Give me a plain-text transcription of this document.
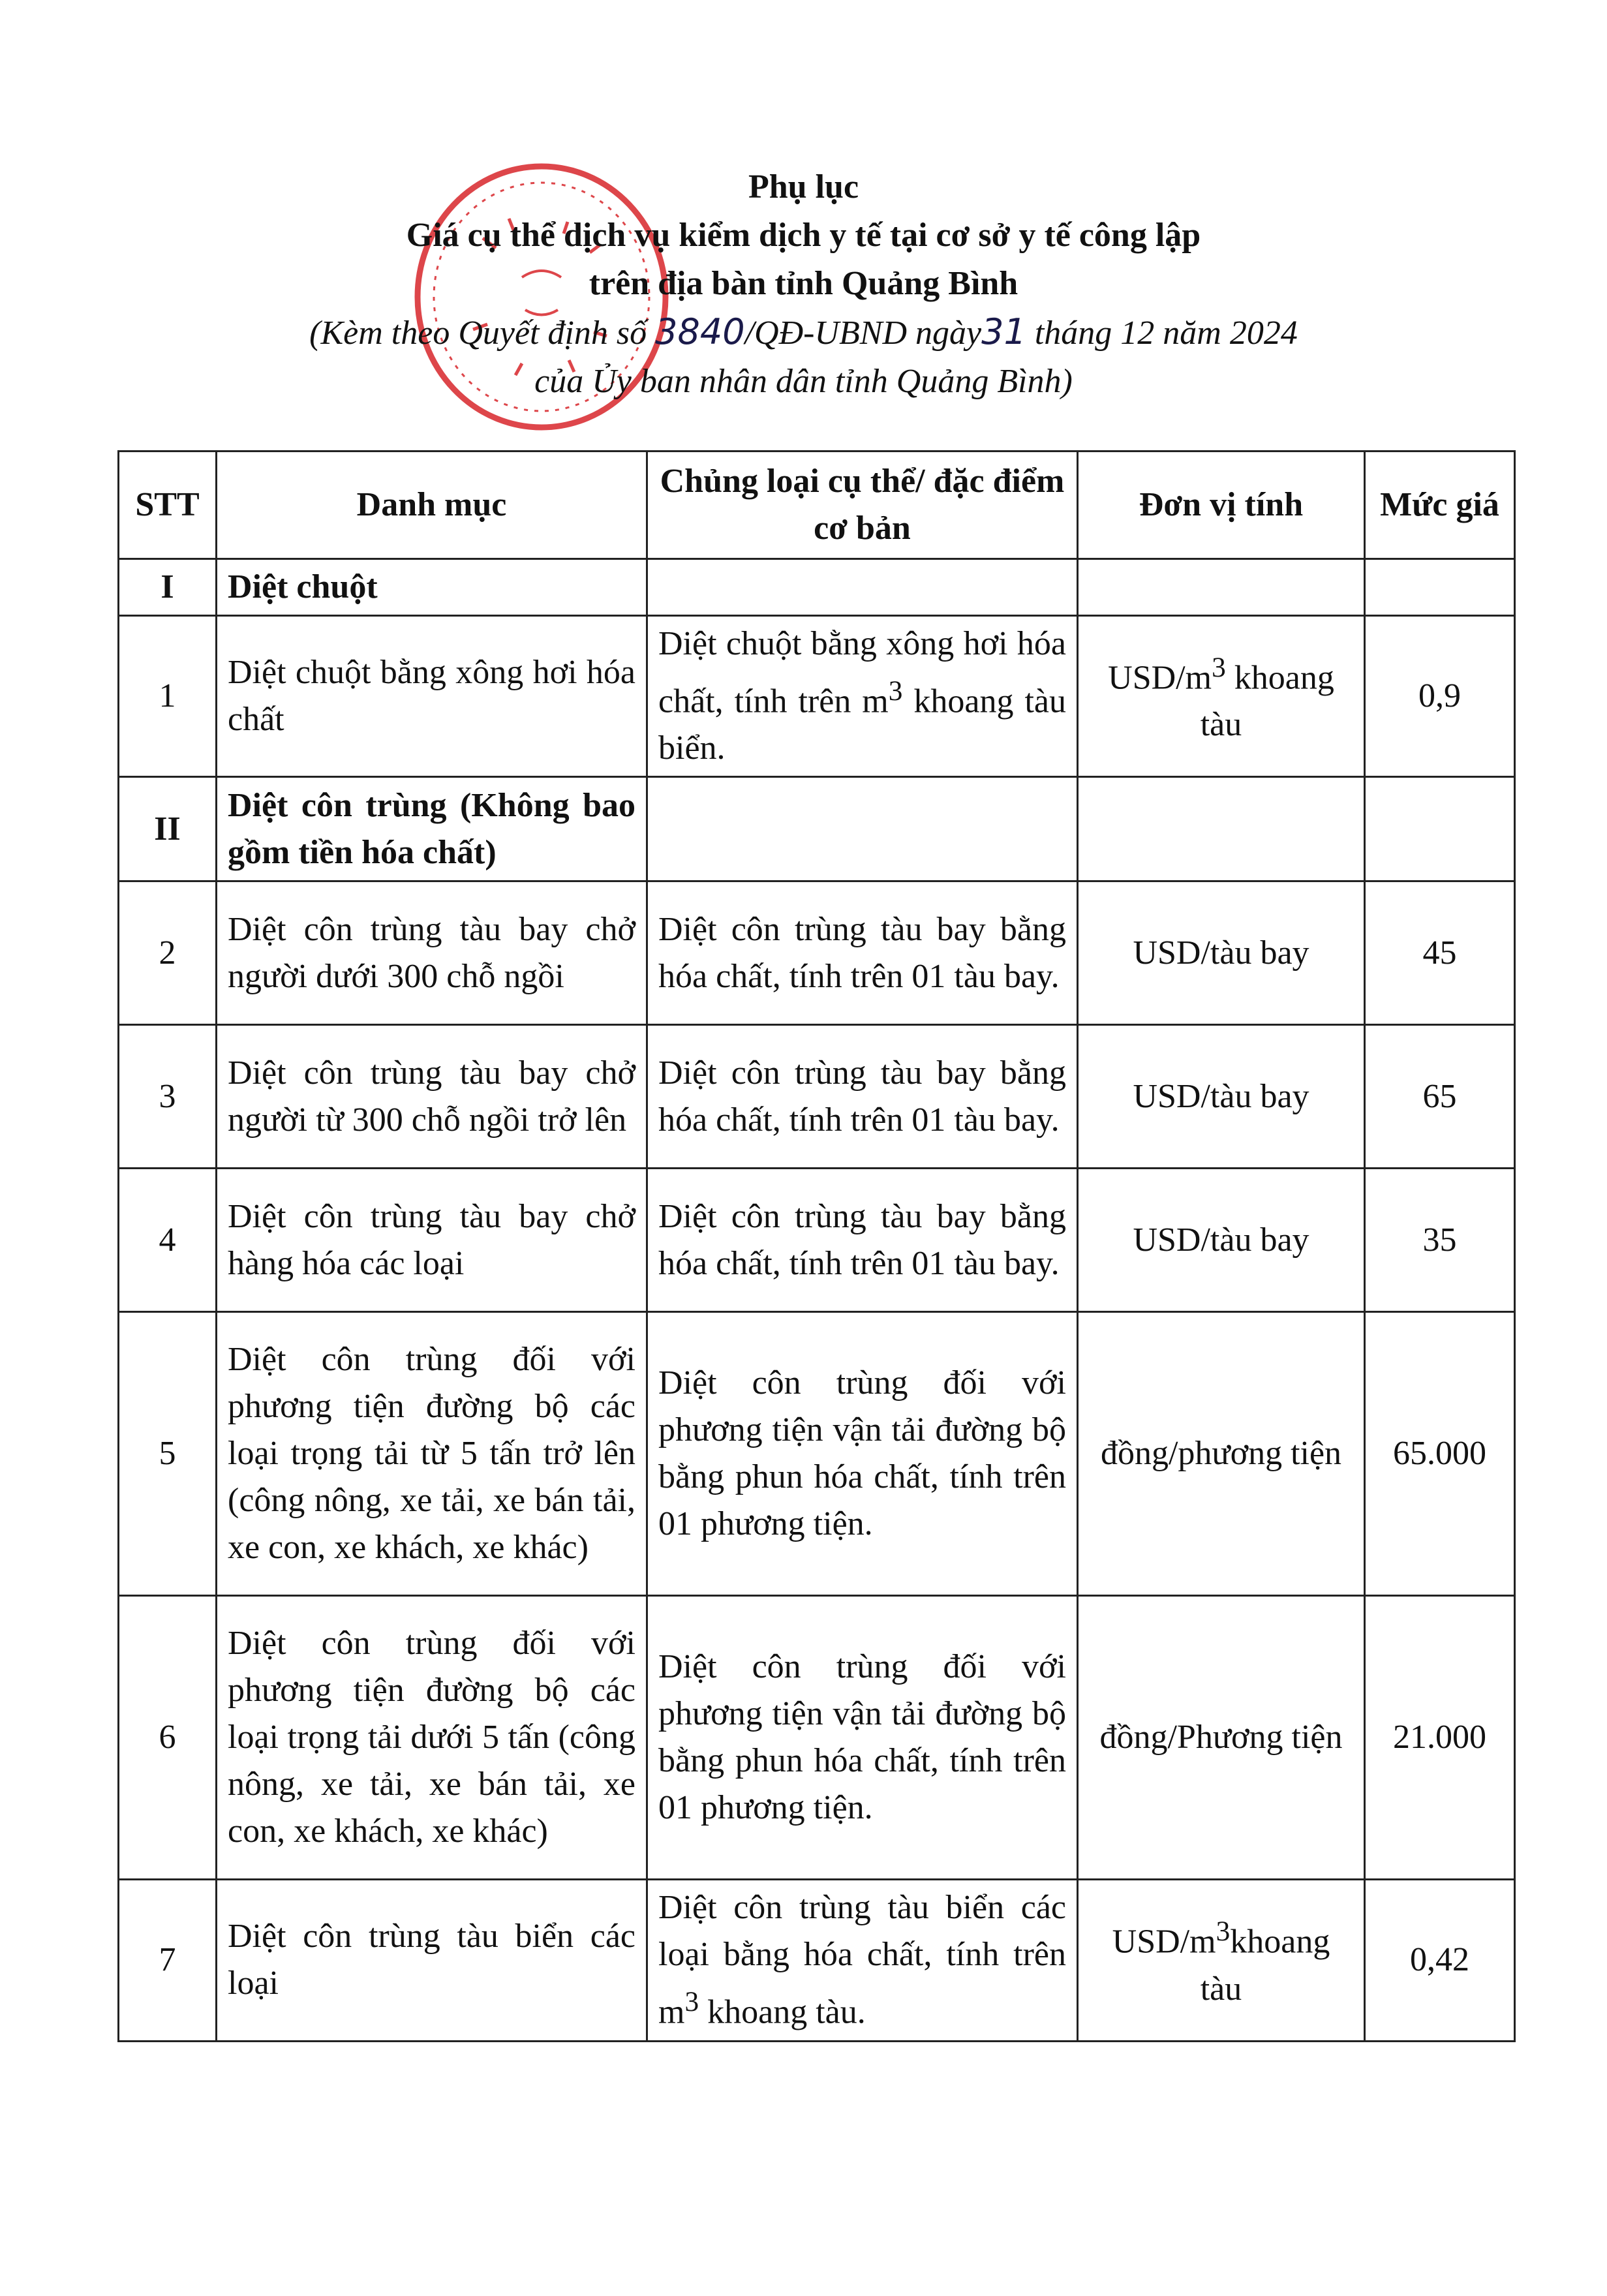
Phụ lục
Giá cụ thể dịch vụ kiểm dịch y tế tại cơ sở y tế công lập
trên địa bàn tỉnh Quảng Bình
(Kèm theo Quyết định số 3840/QĐ-UBND ngày31 tháng 12 năm 2024
của Ủy ban nhân dân tỉnh Quảng Bình)
STT	Danh mục	Chủng loại cụ thể/ đặc điểm cơ bản	Đơn vị tính	Mức giá
I	Diệt chuột			
1	Diệt chuột bằng xông hơi hóa chất	Diệt chuột bằng xông hơi hóa chất, tính trên $m^3$ khoang tàu biển.	USD/$m^3$ khoang tàu	0,9
II	Diệt côn trùng (Không bao gồm tiền hóa chất)			
2	Diệt côn trùng tàu bay chở người dưới 300 chỗ ngồi	Diệt côn trùng tàu bay bằng hóa chất, tính trên 01 tàu bay.	USD/tàu bay	45
3	Diệt côn trùng tàu bay chở người từ 300 chỗ ngồi trở lên	Diệt côn trùng tàu bay bằng hóa chất, tính trên 01 tàu bay.	USD/tàu bay	65
4	Diệt côn trùng tàu bay chở hàng hóa các loại	Diệt côn trùng tàu bay bằng hóa chất, tính trên 01 tàu bay.	USD/tàu bay	35
5	Diệt côn trùng đối với phương tiện đường bộ các loại trọng tải từ 5 tấn trở lên (công nông, xe tải, xe bán tải, xe con, xe khách, xe khác)	Diệt côn trùng đối với phương tiện vận tải đường bộ bằng phun hóa chất, tính trên 01 phương tiện.	đồng/phương tiện	65.000
6	Diệt côn trùng đối với phương tiện đường bộ các loại trọng tải dưới 5 tấn (công nông, xe tải, xe bán tải, xe con, xe khách, xe khác)	Diệt côn trùng đối với phương tiện vận tải đường bộ bằng phun hóa chất, tính trên 01 phương tiện.	đồng/Phương tiện	21.000
7	Diệt côn trùng tàu biển các loại	Diệt côn trùng tàu biển các loại bằng hóa chất, tính trên $m^3$ khoang tàu.	USD/$m^3khoang$ tàu	0,42
